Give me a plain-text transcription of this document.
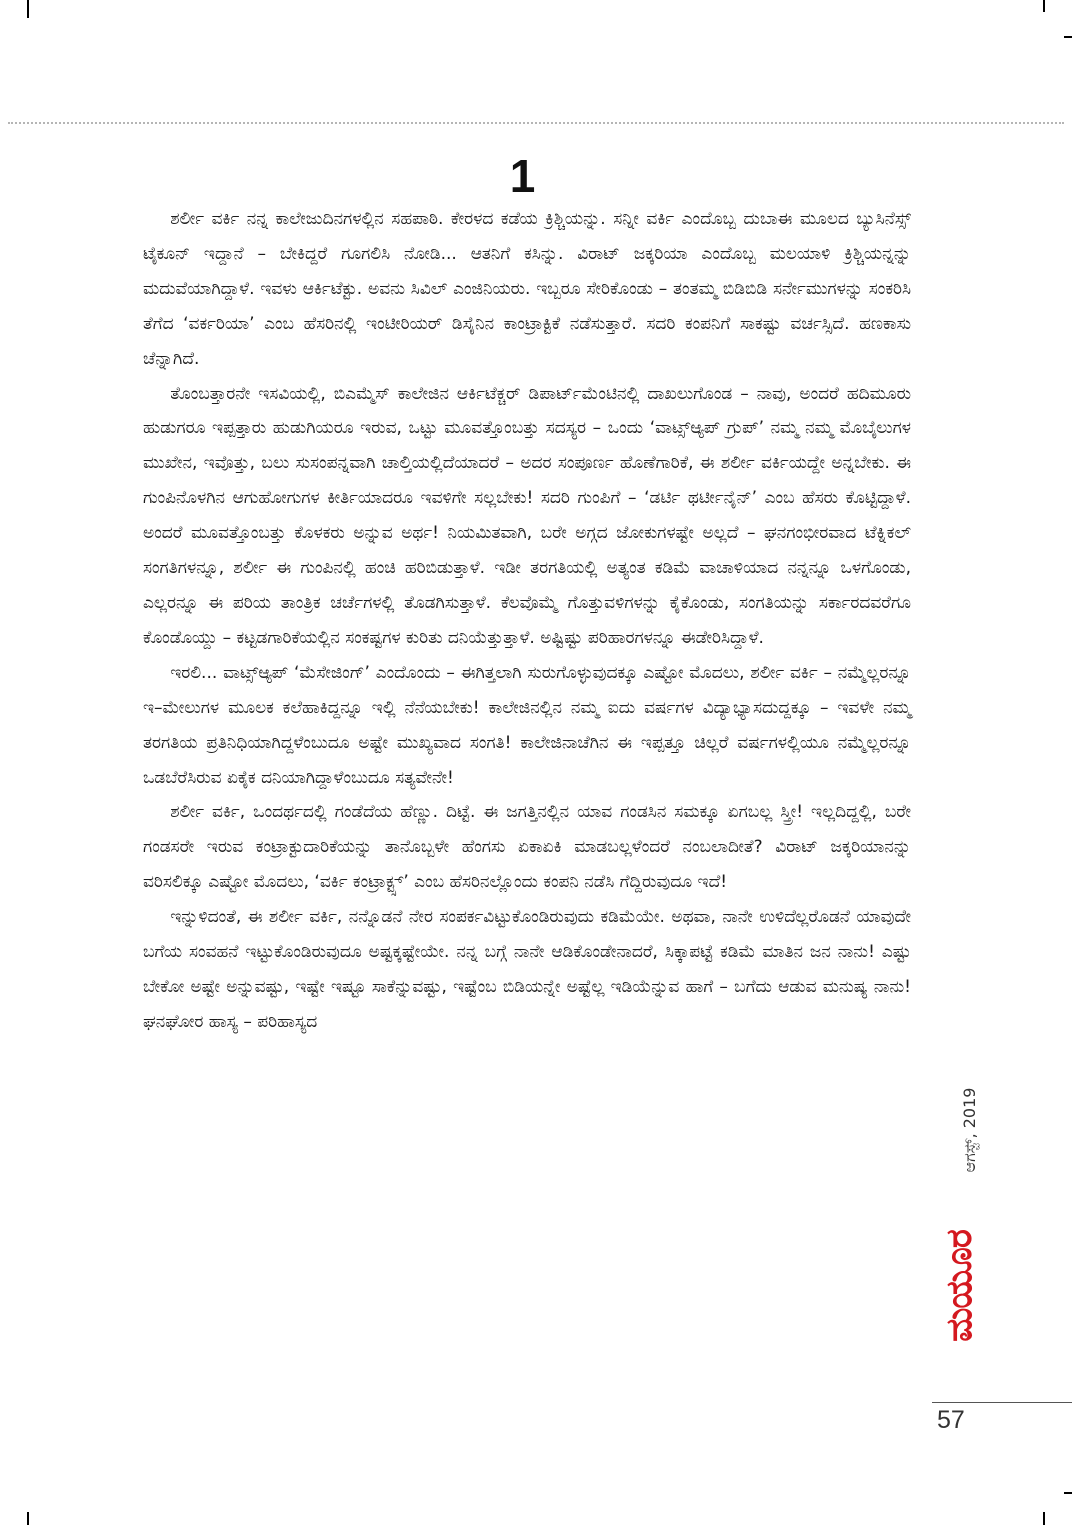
1

ಶರ್ಲೀ ವರ್ಕಿ ನನ್ನ ಕಾಲೇಜುದಿನಗಳಲ್ಲಿನ ಸಹಪಾಠಿ. ಕೇರಳದ ಕಡೆಯ ಕ್ರಿಶ್ಚಿಯನ್ನು. ಸನ್ನೀ ವರ್ಕಿ ಎಂದೊಬ್ಬ ದುಬಾಈ ಮೂಲದ ಬ್ಯುಸಿನೆಸ್ಸ್ ಟೈಕೂನ್ ಇದ್ದಾನೆ – ಬೇಕಿದ್ದರೆ ಗೂಗಲಿಸಿ ನೋಡಿ... ಆತನಿಗೆ ಕಸಿನ್ನು. ವಿರಾಟ್ ಜಕ್ಕರಿಯಾ ಎಂದೊಬ್ಬ ಮಲಯಾಳಿ ಕ್ರಿಶ್ಚಿಯನ್ನನ್ನು ಮದುವೆಯಾಗಿದ್ದಾಳೆ. ಇವಳು ಆರ್ಕಿಟೆಕ್ಟು. ಅವನು ಸಿವಿಲ್ ಎಂಜಿನಿಯರು. ಇಬ್ಬರೂ ಸೇರಿಕೊಂಡು – ತಂತಮ್ಮ ಬಿಡಿಬಿಡಿ ಸರ್ನೇಮುಗಳನ್ನು ಸಂಕರಿಸಿ ತೆಗೆದ ‘ವರ್ಕರಿಯಾ’ ಎಂಬ ಹೆಸರಿನಲ್ಲಿ ಇಂಟೀರಿಯರ್ ಡಿಸೈನಿನ ಕಾಂಟ್ರಾಕ್ಟಿಕೆ ನಡೆಸುತ್ತಾರೆ. ಸದರಿ ಕಂಪನಿಗೆ ಸಾಕಷ್ಟು ವರ್ಚಸ್ಸಿದೆ. ಹಣಕಾಸು ಚೆನ್ನಾಗಿದೆ.

ತೊಂಬತ್ತಾರನೇ ಇಸವಿಯಲ್ಲಿ, ಬಿಎಮ್ಮೆಸ್ ಕಾಲೇಜಿನ ಆರ್ಕಿಟೆಕ್ಚರ್ ಡಿಪಾರ್ಟ್‌ಮೆಂಟಿನಲ್ಲಿ ದಾಖಲುಗೊಂಡ – ನಾವು, ಅಂದರೆ ಹದಿಮೂರು ಹುಡುಗರೂ ಇಪ್ಪತ್ತಾರು ಹುಡುಗಿಯರೂ ಇರುವ, ಒಟ್ಟು ಮೂವತ್ತೊಂಬತ್ತು ಸದಸ್ಯರ – ಒಂದು ‘ವಾಟ್ಸ್‌ಆ್ಯಪ್ ಗ್ರುಪ್’ ನಮ್ಮ ನಮ್ಮ ಮೊಬೈಲುಗಳ ಮುಖೇನ, ಇವೊತ್ತು, ಬಲು ಸುಸಂಪನ್ನವಾಗಿ ಚಾಲ್ತಿಯಲ್ಲಿದೆಯಾದರೆ – ಅದರ ಸಂಪೂರ್ಣ ಹೊಣೆಗಾರಿಕೆ, ಈ ಶರ್ಲೀ ವರ್ಕಿಯದ್ದೇ ಅನ್ನಬೇಕು. ಈ ಗುಂಪಿನೊಳಗಿನ ಆಗುಹೋಗುಗಳ ಕೀರ್ತಿಯಾದರೂ ಇವಳಿಗೇ ಸಲ್ಲಬೇಕು! ಸದರಿ ಗುಂಪಿಗೆ – ‘ಡರ್ಟಿ ಥರ್ಟೀನೈನ್’ ಎಂಬ ಹೆಸರು ಕೊಟ್ಟಿದ್ದಾಳೆ. ಅಂದರೆ ಮೂವತ್ತೊಂಬತ್ತು ಕೊಳಕರು ಅನ್ನುವ ಅರ್ಥ! ನಿಯಮಿತವಾಗಿ, ಬರೇ ಅಗ್ಗದ ಜೋಕುಗಳಷ್ಟೇ ಅಲ್ಲದೆ – ಘನಗಂಭೀರವಾದ ಟೆಕ್ನಿಕಲ್ ಸಂಗತಿಗಳನ್ನೂ, ಶರ್ಲೀ ಈ ಗುಂಪಿನಲ್ಲಿ ಹಂಚಿ ಹರಿಬಿಡುತ್ತಾಳೆ. ಇಡೀ ತರಗತಿಯಲ್ಲಿ ಅತ್ಯಂತ ಕಡಿಮೆ ವಾಚಾಳಿಯಾದ ನನ್ನನ್ನೂ ಒಳಗೊಂಡು, ಎಲ್ಲರನ್ನೂ ಈ ಪರಿಯ ತಾಂತ್ರಿಕ ಚರ್ಚೆಗಳಲ್ಲಿ ತೊಡಗಿಸುತ್ತಾಳೆ. ಕೆಲವೊಮ್ಮೆ ಗೊತ್ತುವಳಿಗಳನ್ನು ಕೈಕೊಂಡು, ಸಂಗತಿಯನ್ನು ಸರ್ಕಾರದವರೆಗೂ ಕೊಂಡೊಯ್ದು – ಕಟ್ಟಡಗಾರಿಕೆಯಲ್ಲಿನ ಸಂಕಷ್ಟಗಳ ಕುರಿತು ದನಿಯೆತ್ತುತ್ತಾಳೆ. ಅಷ್ಟಿಷ್ಟು ಪರಿಹಾರಗಳನ್ನೂ ಈಡೇರಿಸಿದ್ದಾಳೆ.

ಇರಲಿ... ವಾಟ್ಸ್‌ಆ್ಯಪ್ ‘ಮೆಸೇಜಿಂಗ್’ ಎಂದೊಂದು – ಈಗಿತ್ತಲಾಗಿ ಸುರುಗೊಳ್ಳುವುದಕ್ಕೂ ಎಷ್ಟೋ ಮೊದಲು, ಶರ್ಲೀ ವರ್ಕಿ – ನಮ್ಮೆಲ್ಲರನ್ನೂ ಇ–ಮೇಲುಗಳ ಮೂಲಕ ಕಲೆಹಾಕಿದ್ದನ್ನೂ ಇಲ್ಲಿ ನೆನೆಯಬೇಕು! ಕಾಲೇಜಿನಲ್ಲಿನ ನಮ್ಮ ಐದು ವರ್ಷಗಳ ವಿದ್ಯಾಭ್ಯಾಸದುದ್ದಕ್ಕೂ – ಇವಳೇ ನಮ್ಮ ತರಗತಿಯ ಪ್ರತಿನಿಧಿಯಾಗಿದ್ದಳೆಂಬುದೂ ಅಷ್ಟೇ ಮುಖ್ಯವಾದ ಸಂಗತಿ! ಕಾಲೇಜಿನಾಚೆಗಿನ ಈ ಇಪ್ಪತ್ತೂ ಚಿಲ್ಲರೆ ವರ್ಷಗಳಲ್ಲಿಯೂ ನಮ್ಮೆಲ್ಲರನ್ನೂ ಒಡಬೆರೆಸಿರುವ ಏಕೈಕ ದನಿಯಾಗಿದ್ದಾಳೆಂಬುದೂ ಸತ್ಯವೇನೇ!

ಶರ್ಲೀ ವರ್ಕಿ, ಒಂದರ್ಥದಲ್ಲಿ ಗಂಡೆದೆಯ ಹೆಣ್ಣು. ದಿಟ್ಟೆ. ಈ ಜಗತ್ತಿನಲ್ಲಿನ ಯಾವ ಗಂಡಸಿನ ಸಮಕ್ಕೂ ಏಗಬಲ್ಲ ಸ್ತ್ರೀ! ಇಲ್ಲದಿದ್ದಲ್ಲಿ, ಬರೇ ಗಂಡಸರೇ ಇರುವ ಕಂಟ್ರಾಕ್ಟುದಾರಿಕೆಯನ್ನು ತಾನೊಬ್ಬಳೇ ಹೆಂಗಸು ಏಕಾಏಕಿ ಮಾಡಬಲ್ಲಳೆಂದರೆ ನಂಬಲಾದೀತೆ? ವಿರಾಟ್ ಜಕ್ಕರಿಯಾನನ್ನು ವರಿಸಲಿಕ್ಕೂ ಎಷ್ಟೋ ಮೊದಲು, ‘ವರ್ಕಿ ಕಂಟ್ರಾಕ್ಟ್ಸ್’ ಎಂಬ ಹೆಸರಿನಲ್ಲೊಂದು ಕಂಪನಿ ನಡೆಸಿ ಗೆದ್ದಿರುವುದೂ ಇದೆ!

ಇನ್ನುಳಿದಂತೆ, ಈ ಶರ್ಲೀ ವರ್ಕಿ, ನನ್ನೊಡನೆ ನೇರ ಸಂಪರ್ಕವಿಟ್ಟುಕೊಂಡಿರುವುದು ಕಡಿಮೆಯೇ. ಅಥವಾ, ನಾನೇ ಉಳಿದೆಲ್ಲರೊಡನೆ ಯಾವುದೇ ಬಗೆಯ ಸಂವಹನೆ ಇಟ್ಟುಕೊಂಡಿರುವುದೂ ಅಷ್ಟಕ್ಕಷ್ಟೇಯೇ. ನನ್ನ ಬಗ್ಗೆ ನಾನೇ ಆಡಿಕೊಂಡೇನಾದರೆ, ಸಿಕ್ಕಾಪಟ್ಟೆ ಕಡಿಮೆ ಮಾತಿನ ಜನ ನಾನು! ಎಷ್ಟು ಬೇಕೋ ಅಷ್ಟೇ ಅನ್ನುವಷ್ಟು, ಇಷ್ಟೇ ಇಷ್ಟೂ ಸಾಕೆನ್ನುವಷ್ಟು, ಇಷ್ಟೆಂಬ ಬಿಡಿಯನ್ನೇ ಅಷ್ಟೆಲ್ಲ ಇಡಿಯೆನ್ನುವ ಹಾಗೆ – ಬಗೆದು ಆಡುವ ಮನುಷ್ಯ ನಾನು! ಘನಘೋರ ಹಾಸ್ಯ – ಪರಿಹಾಸ್ಯದ

ಆಗಸ್ಟ್, 2019
ಮಯೂರ
57
